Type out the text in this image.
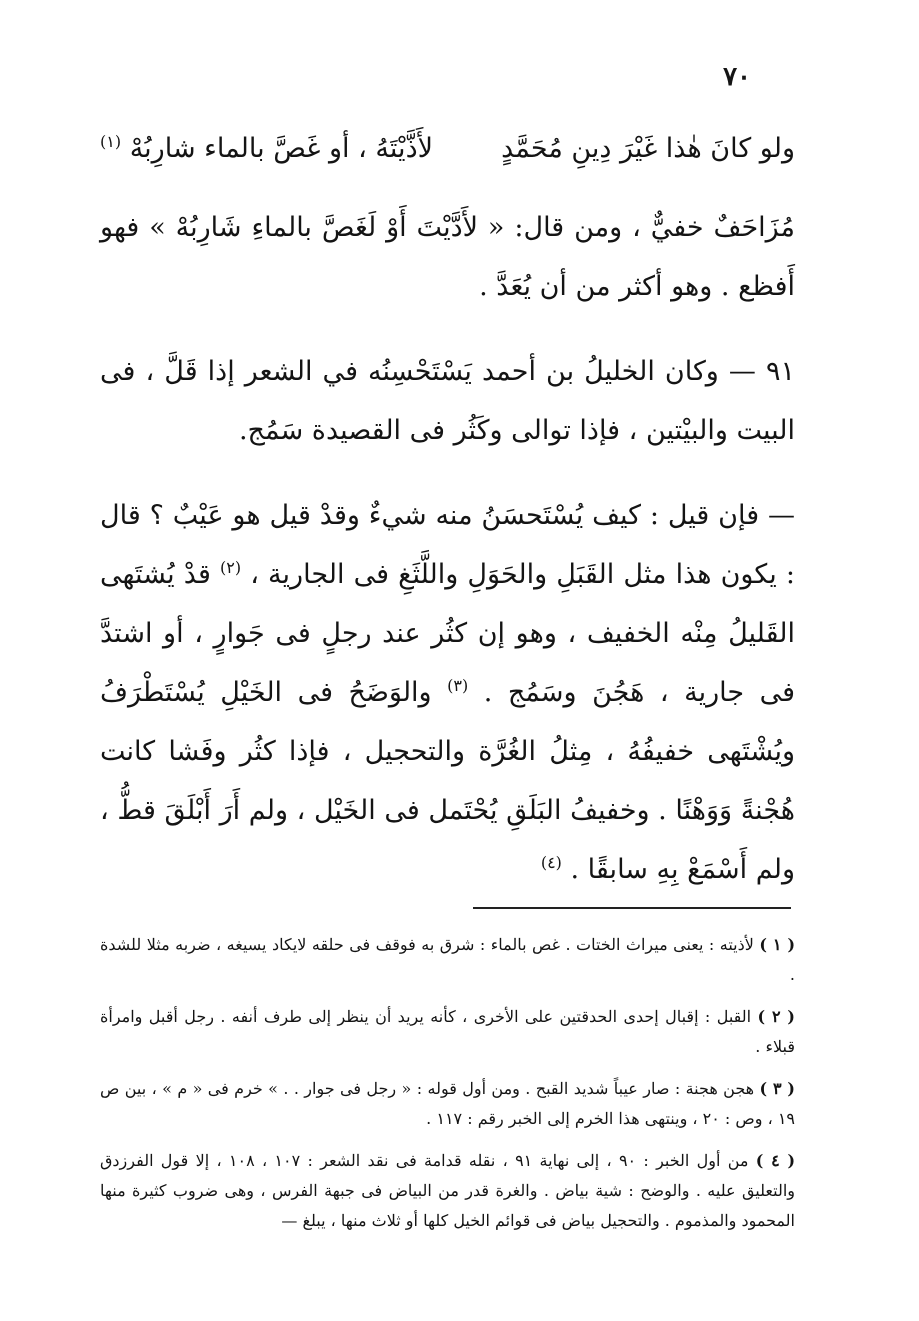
٧٠
ولو كانَ هٰذا غَيْرَ دِينِ مُحَمَّدٍ
لأَذَّيْتَهُ ، أو غَصَّ بالماء شارِبُهْ $^{(١)}$

مُزَاحَفٌ خفيٌّ ، ومن قال: « لأَدَّيْتَ أَوْ لَغَصَّ بالماءِ شَارِبُهْ » فهو أَفظع . وهو أكثر من أن يُعَدَّ .

٩١ — وكان الخليلُ بن أحمد يَسْتَحْسِنُه في الشعر إذا قَلَّ ، فى البيت والبيْتين ، فإذا توالى وكَثُر فى القصيدة سَمُج.

— فإن قيل : كيف يُسْتَحسَنُ منه شيءٌ وقدْ قيل هو عَيْبٌ ؟ قال : يكون هذا مثل القَبَلِ والحَوَلِ واللَّثَغِ فى الجارية ، $^{(٢)}$ قدْ يُشتَهى القَليلُ مِنْه الخفيف ، وهو إن كثُر عند رجلٍ فى جَوارٍ ، أو اشتدَّ فى جارية ، هَجُنَ وسَمُج . $^{(٣)}$ والوَضَحُ فى الخَيْلِ يُسْتَطْرَفُ ويُشْتَهى خفيفُهُ ، مِثلُ الغُرَّة والتحجيل ، فإذا كثُر وفَشا كانت هُجْنةً وَوَهْنًا . وخفيفُ البَلَقِ يُحْتَمل فى الخَيْل ، ولم أَرَ أَبْلَقَ قطُّ ، ولم أَسْمَعْ بِهِ سابقًا . $^{(٤)}$

( ١ ) لأذيته : يعنى ميراث الختات . غص بالماء : شرق به فوقف فى حلقه لايكاد يسيغه ، ضربه مثلا للشدة .

( ٢ ) القبل : إقبال إحدى الحدقتين على الأخرى ، كأنه يريد أن ينظر إلى طرف أنفه . رجل أقبل وامرأة قبلاء .

( ٣ ) هجن هجنة : صار عيباً شديد القبح . ومن أول قوله : « رجل فى جوار . . » خرم فى « م » ، بين ص ١٩ ، وص : ٢٠ ، وينتهى هذا الخرم إلى الخبر رقم : ١١٧ .

( ٤ ) من أول الخبر : ٩٠ ، إلى نهاية ٩١ ، نقله قدامة فى نقد الشعر : ١٠٧ ، ١٠٨ ، إلا قول الفرزدق والتعليق عليه . والوضح : شية بياض . والغرة قدر من البياض فى جبهة الفرس ، وهى ضروب كثيرة منها المحمود والمذموم . والتحجيل بياض فى قوائم الخيل كلها أو ثلاث منها ، يبلغ —
